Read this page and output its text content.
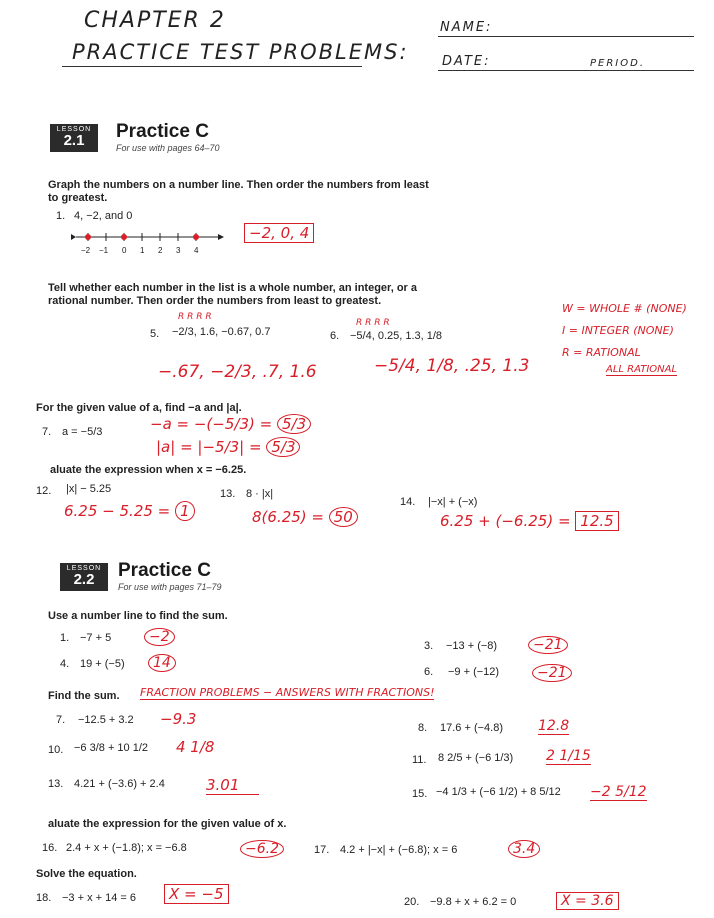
CHAPTER 2
PRACTICE TEST PROBLEMS:
NAME:
DATE:	PERIOD.
LESSON
2.1	Practice C
For use with pages 64–70
Graph the numbers on a number line. Then order the numbers from least
to greatest.
1. 4, −2, and 0
−2 −1 0 1 2 3 4
−2, 0, 4
Tell whether each number in the list is a whole number, an integer, or a
rational number. Then order the numbers from least to greatest.
R R R R
5. −2/3, 1.6, −0.67, 0.7
−.67, −2/3, .7, 1.6
R R R R
6. −5/4, 0.25, 1.3, 1/8
−5/4, 1/8, .25, 1.3
W = WHOLE # (NONE)
I = INTEGER (NONE)
R = RATIONAL
ALL RATIONAL
For the given value of a, find −a and |a|.
7. a = −5/3	−a = −(−5/3) = 5/3
|a| = |−5/3| = 5/3
aluate the expression when x = −6.25.
12. |x| − 5.25
6.25 − 5.25 = 1
13. 8 · |x|
8(6.25) = 50
14. |−x| + (−x)
6.25 + (−6.25) = 12.5
LESSON
2.2	Practice C
For use with pages 71–79
Use a number line to find the sum.
1. −7 + 5	−2
3. −13 + (−8)	−21
4. 19 + (−5)	14
6. −9 + (−12)	−21
Find the sum. FRACTION PROBLEMS − ANSWERS WITH FRACTIONS!
7. −12.5 + 3.2 −9.3	8. 17.6 + (−4.8)	12.8
10. −6 3/8 + 10 1/2 4 1/8
11. 8 2/5 + (−6 1/3) 2 1/15
13. 4.21 + (−3.6) + 2.4	3.01	15. −4 1/3 + (−6 1/2) + 8 5/12 −2 5/12
aluate the expression for the given value of x.
16. 2.4 + x + (−1.8); x = −6.8	−6.2	17. 4.2 + |−x| + (−6.8); x = 6	3.4
Solve the equation.
18. −3 + x + 14 = 6	X = −5	20. −9.8 + x + 6.2 = 0	X = 3.6
